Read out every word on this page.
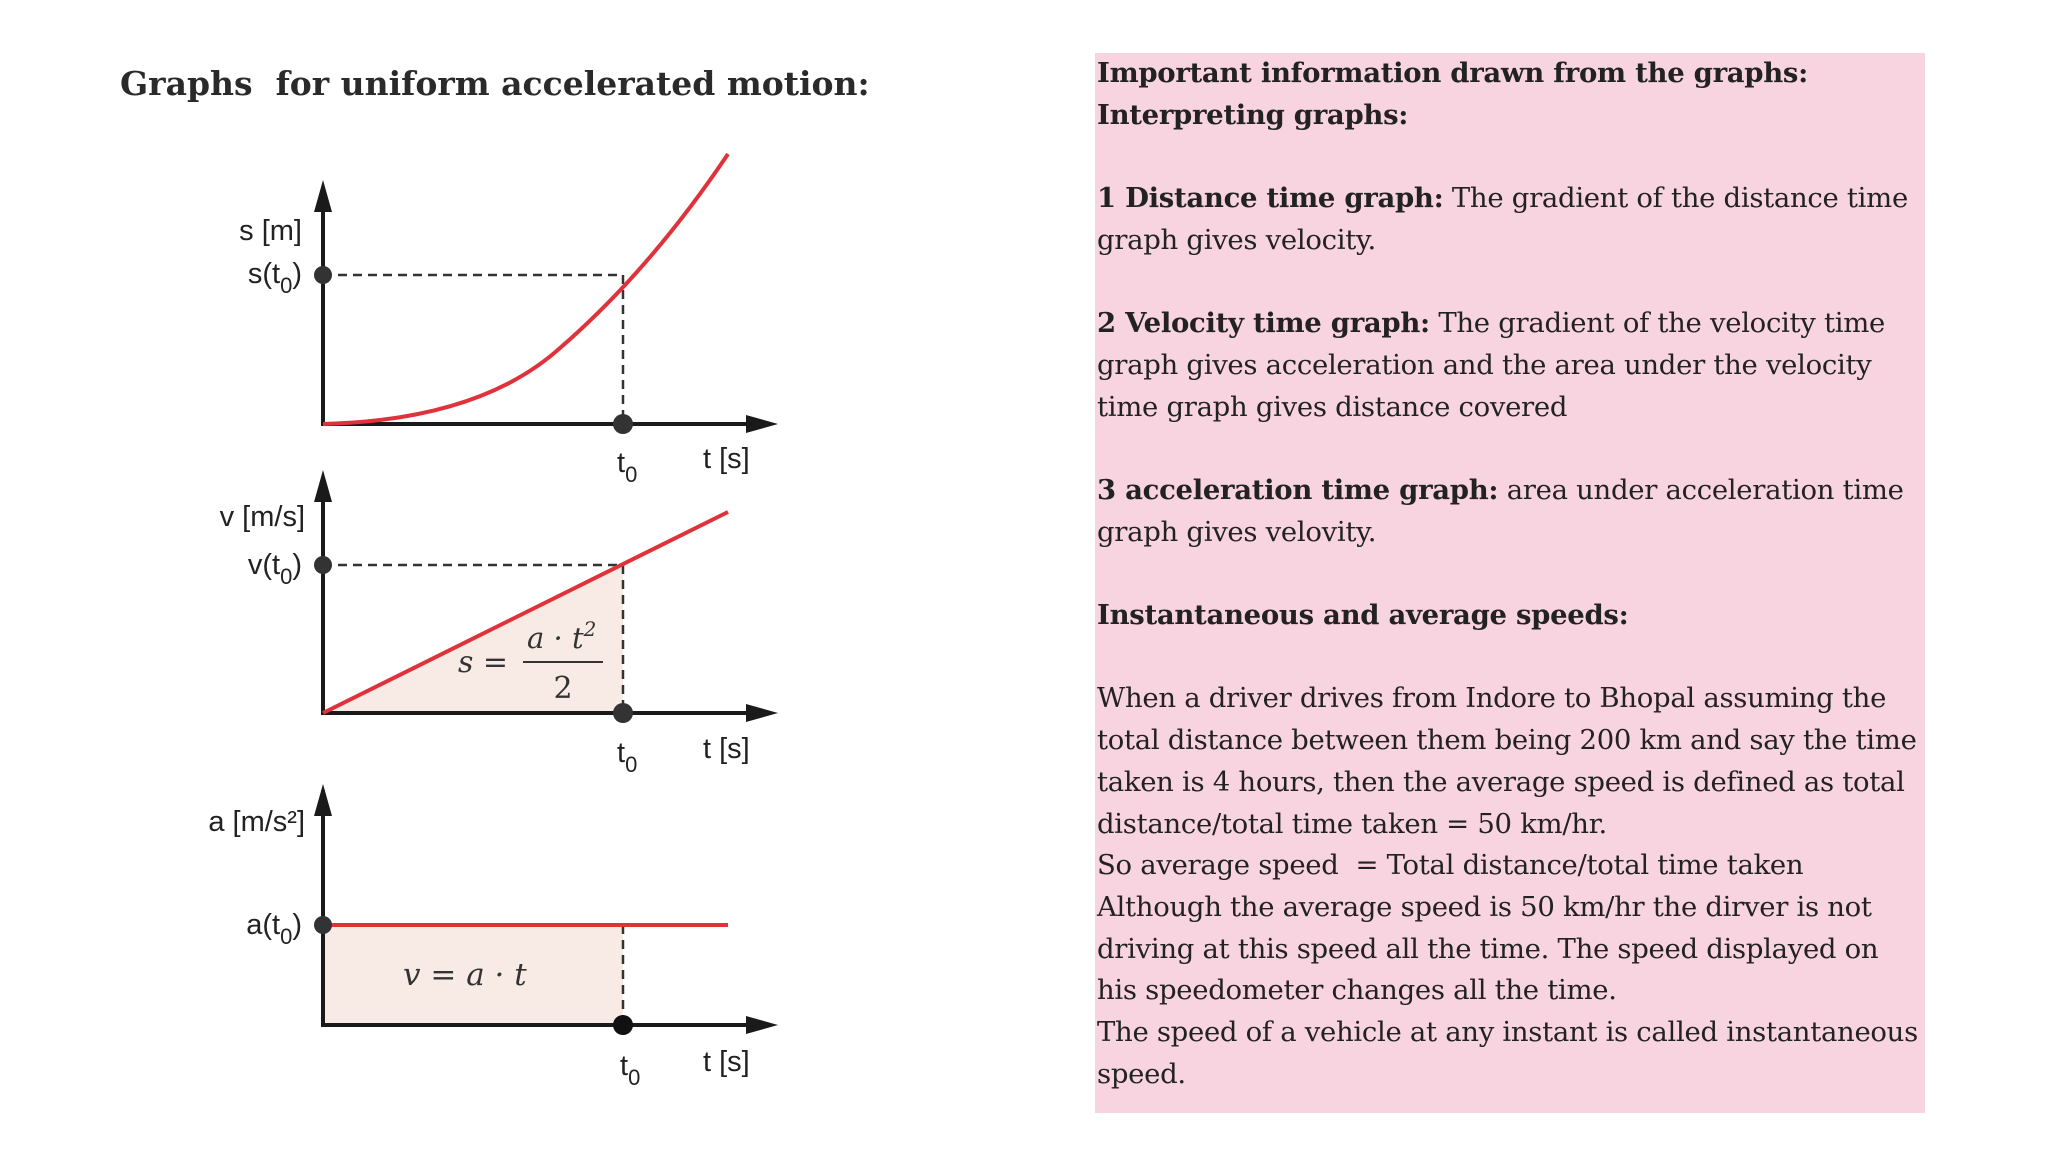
Graphs  for uniform accelerated motion:
s [m]
$s(t_0)$
$t_0$ t [s]
v [m/s]
$v(t_0)$
$t_0$ t [s]
s =
$a \cdot t^2$
2
a [m/s²]
$a(t_0)$
$t_0$ t [s]
v = a · t

Important information drawn from the graphs:

Interpreting graphs:

1 Distance time graph: The gradient of the distance time graph gives velocity.

2 Velocity time graph: The gradient of the velocity time graph gives acceleration and the area under the velocity time graph gives distance covered

3 acceleration time graph: area under acceleration time graph gives velovity.

Instantaneous and average speeds:

When a driver drives from Indore to Bhopal assuming the total distance between them being 200 km and say the time taken is 4 hours, then the average speed is defined as total distance/total time taken = 50 km/hr.

So average speed  = Total distance/total time taken

Although the average speed is 50 km/hr the dirver is not driving at this speed all the time. The speed displayed on his speedometer changes all the time.

The speed of a vehicle at any instant is called instantaneous speed.
